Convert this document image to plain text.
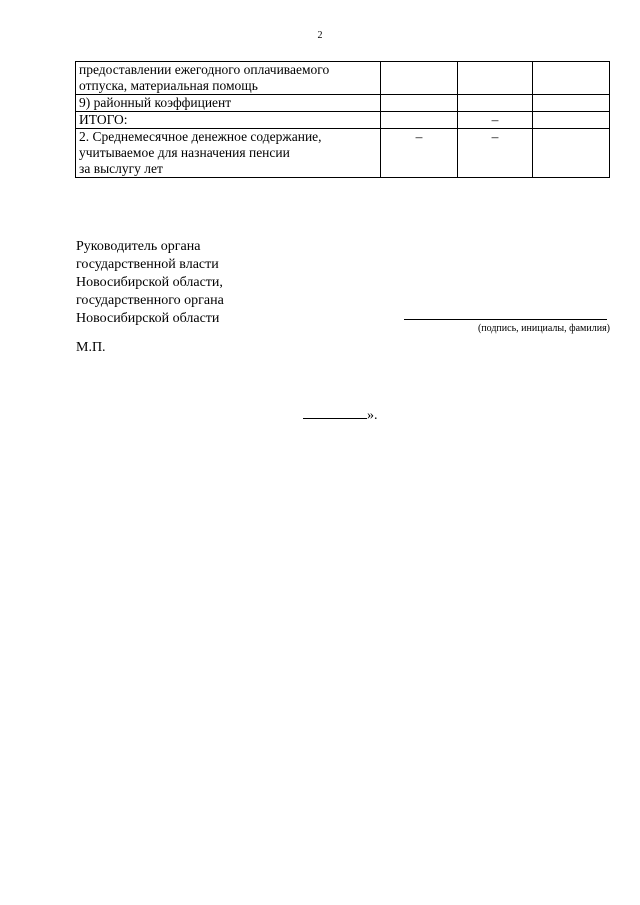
2
предоставлении ежегодного оплачиваемого
отпуска, материальная помощь			

9) районный коэффициент			

ИТОГО:		–	

2. Среднемесячное денежное содержание,
учитываемое для назначения пенсии
за выслугу лет	–	–	
Руководитель органа
государственной власти
Новосибирской области,
государственного органа
Новосибирской области
(подпись, инициалы, фамилия)
М.П.
».
